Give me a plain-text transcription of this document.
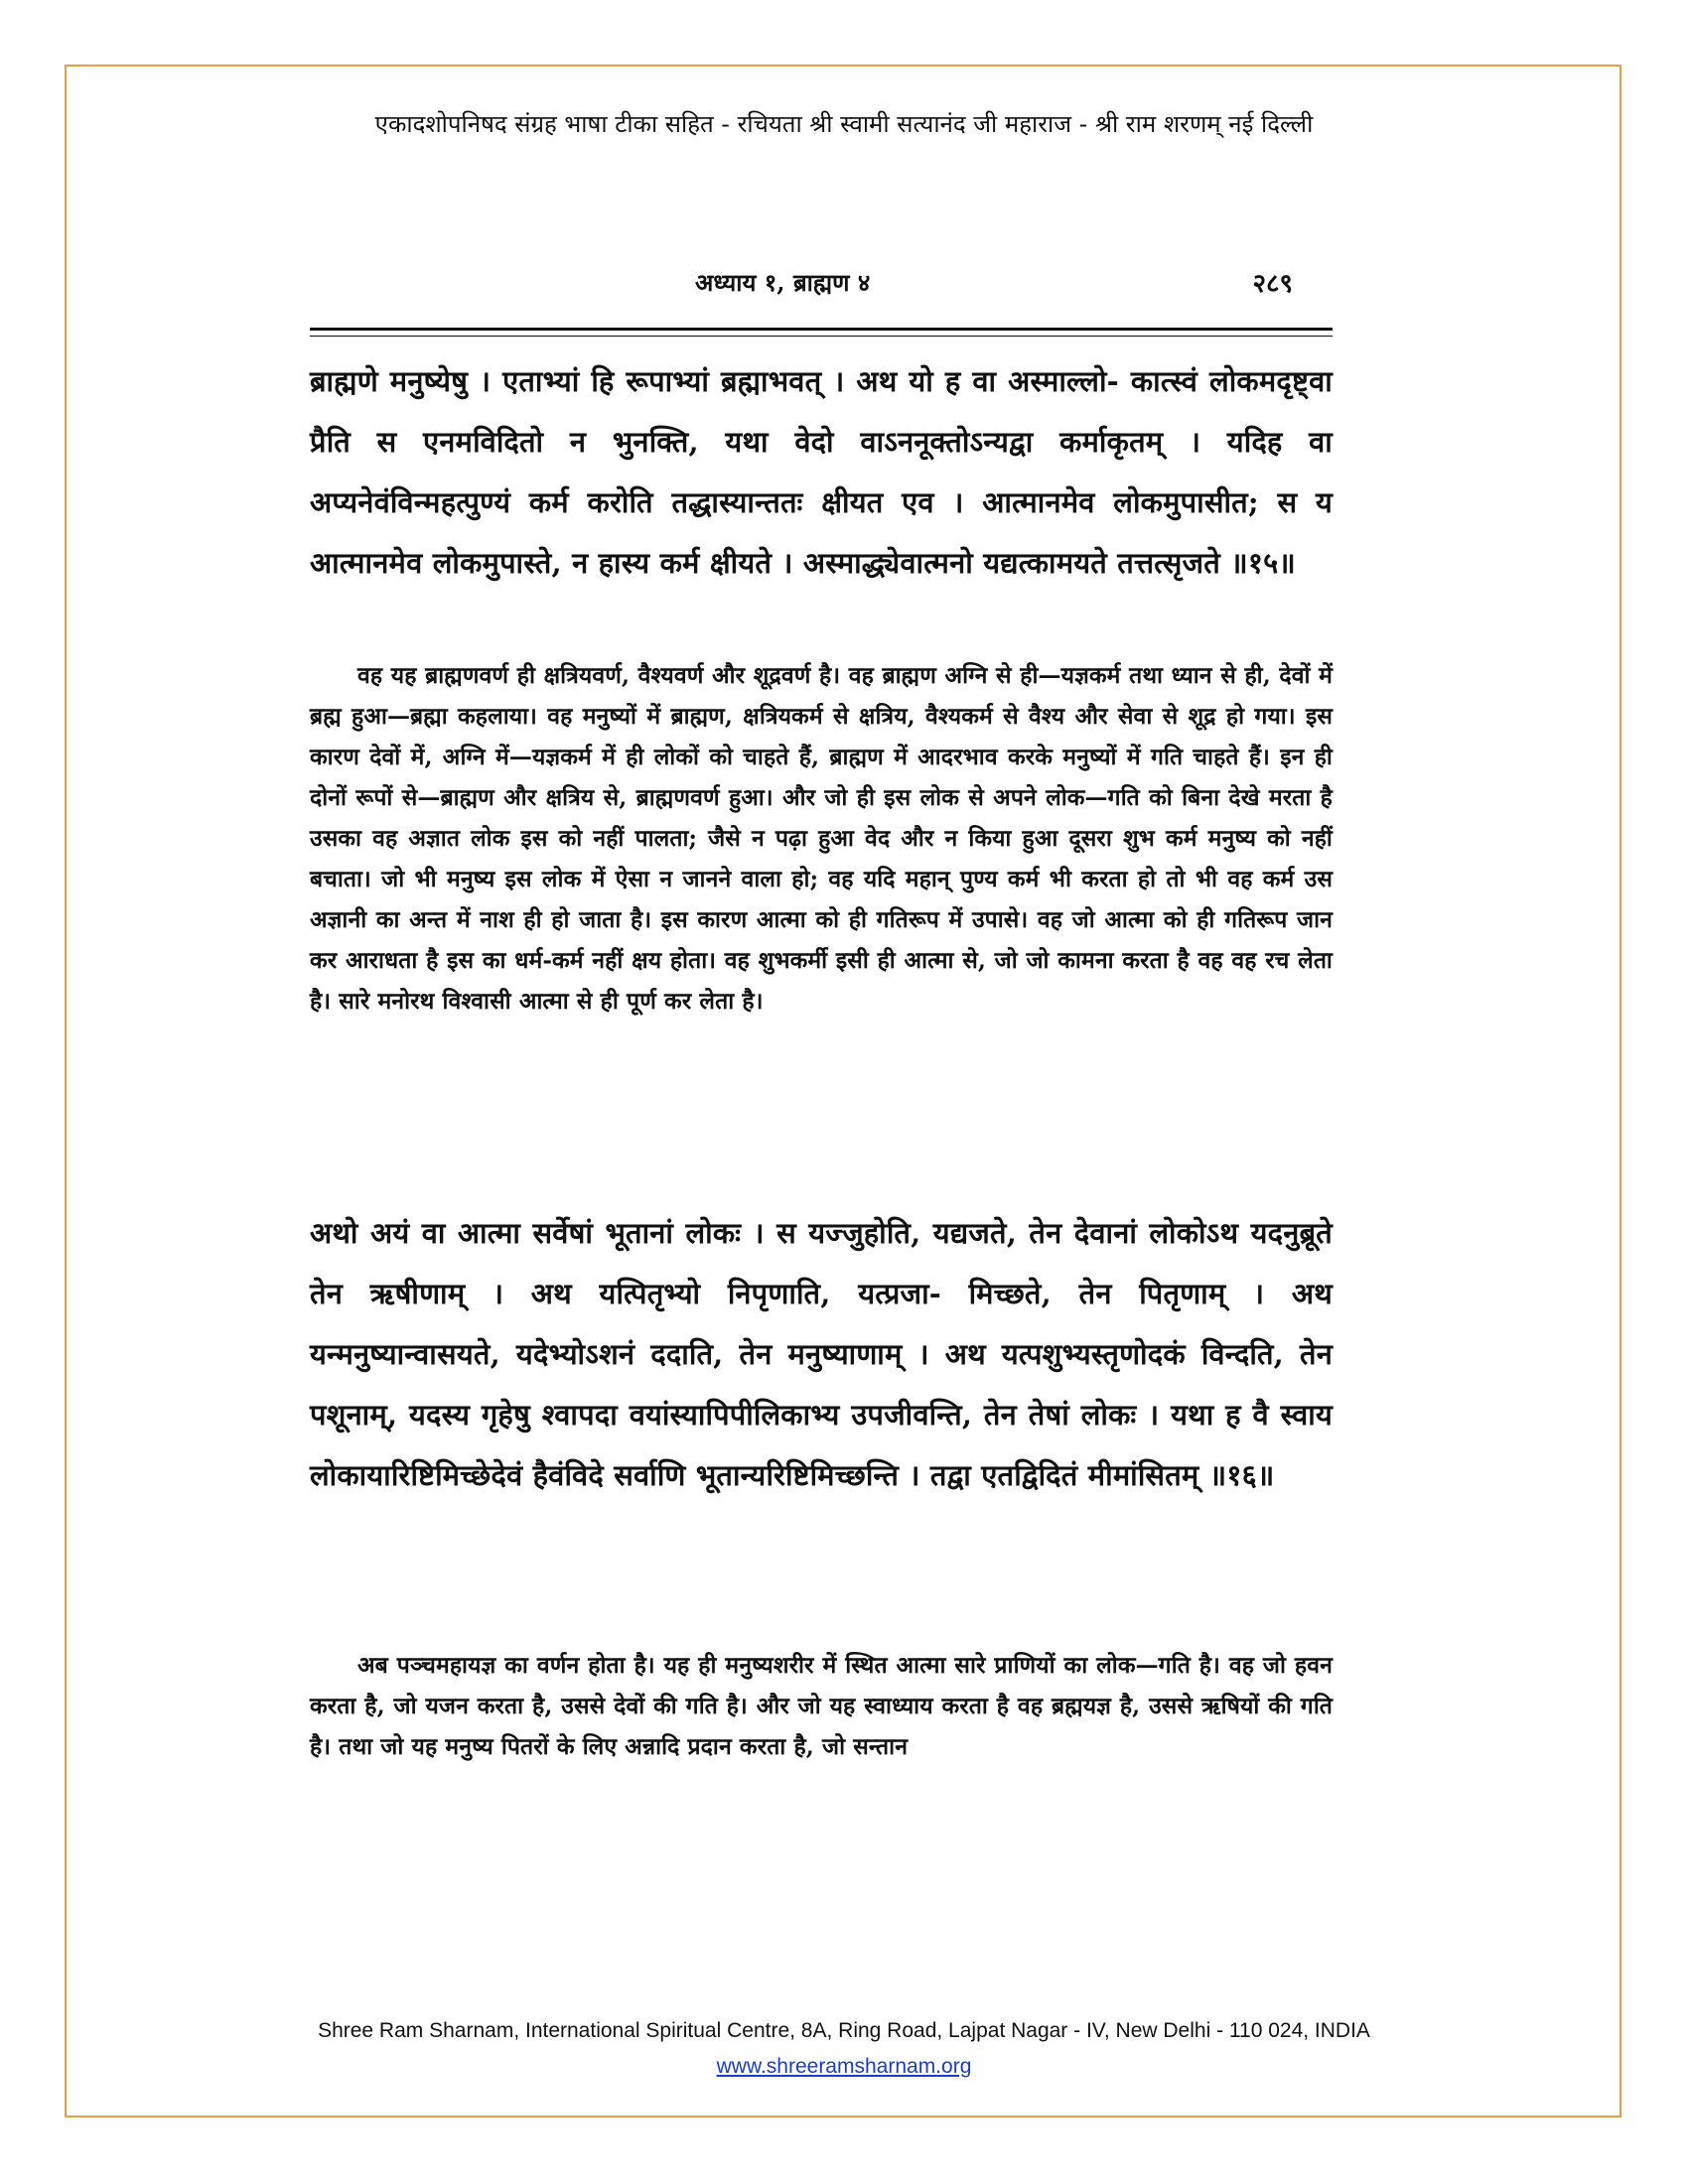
एकादशोपनिषद संग्रह भाषा टीका सहित - रचियता श्री स्वामी सत्यानंद जी महाराज - श्री राम शरणम् नई दिल्ली
अध्याय १, ब्राह्मण ४	२८९
ब्राह्मणे मनुष्येषु । एताभ्यां हि रूपाभ्यां ब्रह्माभवत् । अथ यो ह वा अस्माल्लो- कात्स्वं लोकमदृष्ट्वा प्रैति स एनमविदितो न भुनक्ति, यथा वेदो वाऽननूक्तोऽन्यद्वा कर्माकृतम् । यदिह वा अप्यनेवंविन्महत्पुण्यं कर्म करोति तद्धास्यान्ततः क्षीयत एव । आत्मानमेव लोकमुपासीत; स य आत्मानमेव लोकमुपास्ते, न हास्य कर्म क्षीयते । अस्माद्ध्येवात्मनो यद्यत्कामयते तत्तत्सृजते ॥१५॥
वह यह ब्राह्मणवर्ण ही क्षत्रियवर्ण, वैश्यवर्ण और शूद्रवर्ण है। वह ब्राह्मण अग्नि से ही—यज्ञकर्म तथा ध्यान से ही, देवों में ब्रह्म हुआ—ब्रह्मा कहलाया। वह मनुष्यों में ब्राह्मण, क्षत्रियकर्म से क्षत्रिय, वैश्यकर्म से वैश्य और सेवा से शूद्र हो गया। इस कारण देवों में, अग्नि में—यज्ञकर्म में ही लोकों को चाहते हैं, ब्राह्मण में आदरभाव करके मनुष्यों में गति चाहते हैं। इन ही दोनों रूपों से—ब्राह्मण और क्षत्रिय से, ब्राह्मणवर्ण हुआ। और जो ही इस लोक से अपने लोक—गति को बिना देखे मरता है उसका वह अज्ञात लोक इस को नहीं पालता; जैसे न पढ़ा हुआ वेद और न किया हुआ दूसरा शुभ कर्म मनुष्य को नहीं बचाता। जो भी मनुष्य इस लोक में ऐसा न जानने वाला हो; वह यदि महान् पुण्य कर्म भी करता हो तो भी वह कर्म उस अज्ञानी का अन्त में नाश ही हो जाता है। इस कारण आत्मा को ही गतिरूप में उपासे। वह जो आत्मा को ही गतिरूप जान कर आराधता है इस का धर्म-कर्म नहीं क्षय होता। वह शुभकर्मी इसी ही आत्मा से, जो जो कामना करता है वह वह रच लेता है। सारे मनोरथ विश्वासी आत्मा से ही पूर्ण कर लेता है।
अथो अयं वा आत्मा सर्वेषां भूतानां लोकः । स यज्जुहोति, यद्यजते, तेन देवानां लोकोऽथ यदनुब्रूते तेन ऋषीणाम् । अथ यत्पितृभ्यो निपृणाति, यत्प्रजा- मिच्छते, तेन पितृणाम् । अथ यन्मनुष्यान्वासयते, यदेभ्योऽशनं ददाति, तेन मनुष्याणाम् । अथ यत्पशुभ्यस्तृणोदकं विन्दति, तेन पशूनाम्, यदस्य गृहेषु श्वापदा वयांस्यापिपीलिकाभ्य उपजीवन्ति, तेन तेषां लोकः । यथा ह वै स्वाय लोकायारिष्टिमिच्छेदेवं हैवंविदे सर्वाणि भूतान्यरिष्टिमिच्छन्ति । तद्वा एतद्विदितं मीमांसितम् ॥१६॥
अब पञ्चमहायज्ञ का वर्णन होता है। यह ही मनुष्यशरीर में स्थित आत्मा सारे प्राणियों का लोक—गति है। वह जो हवन करता है, जो यजन करता है, उससे देवों की गति है। और जो यह स्वाध्याय करता है वह ब्रह्मयज्ञ है, उससे ऋषियों की गति है। तथा जो यह मनुष्य पितरों के लिए अन्नादि प्रदान करता है, जो सन्तान
Shree Ram Sharnam, International Spiritual Centre, 8A, Ring Road, Lajpat Nagar - IV, New Delhi - 110 024, INDIA
www.shreeramsharnam.org
